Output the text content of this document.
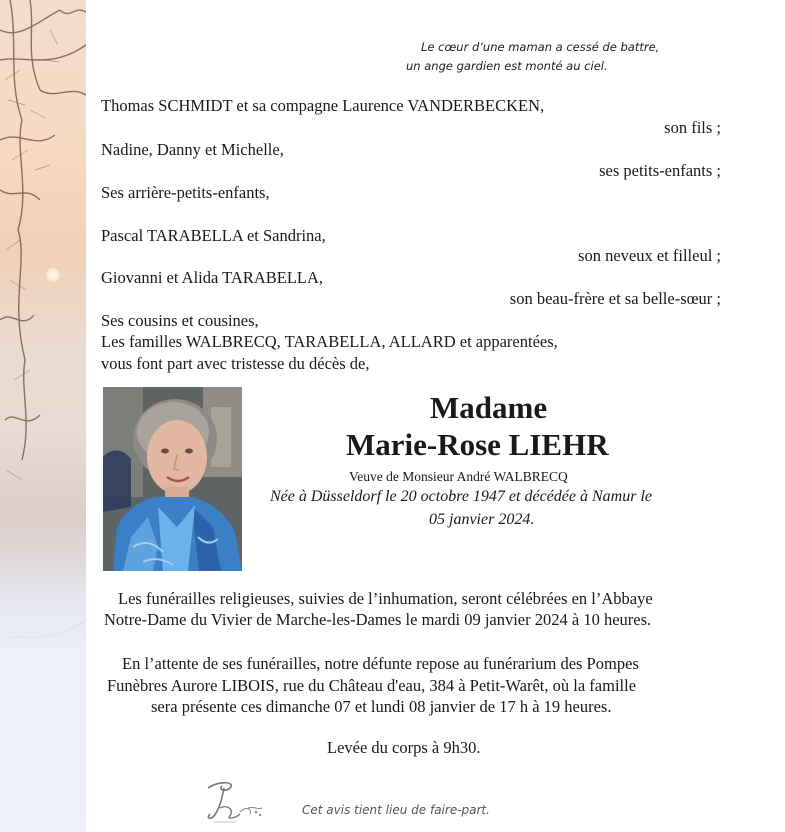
Le cœur d’une maman a cessé de battre,
un ange gardien est monté au ciel.
Thomas SCHMIDT et sa compagne Laurence VANDERBECKEN,
son fils ;
Nadine, Danny et Michelle,
ses petits-enfants ;
Ses arrière-petits-enfants,
Pascal TARABELLA et Sandrina,
son neveux et filleul ;
Giovanni et Alida TARABELLA,
son beau-frère et sa belle-sœur ;
Ses cousins et cousines,
Les familles WALBRECQ, TARABELLA, ALLARD et apparentées,
vous font part avec tristesse du décès de,
Madame
Marie-Rose LIEHR
Veuve de Monsieur André WALBRECQ
Née à Düsseldorf le 20 octobre 1947 et décédée à Namur le
05 janvier 2024.
Les funérailles religieuses, suivies de l’inhumation, seront célébrées en l’Abbaye
Notre-Dame du Vivier de Marche-les-Dames le mardi 09 janvier 2024 à 10 heures.
En l’attente de ses funérailles, notre défunte repose au funérarium des Pompes
Funèbres Aurore LIBOIS, rue du Château d'eau, 384 à Petit-Warêt, où la famille
sera présente ces dimanche 07 et lundi 08 janvier de 17 h à 19 heures.
Levée du corps à 9h30.
Cet avis tient lieu de faire-part.
